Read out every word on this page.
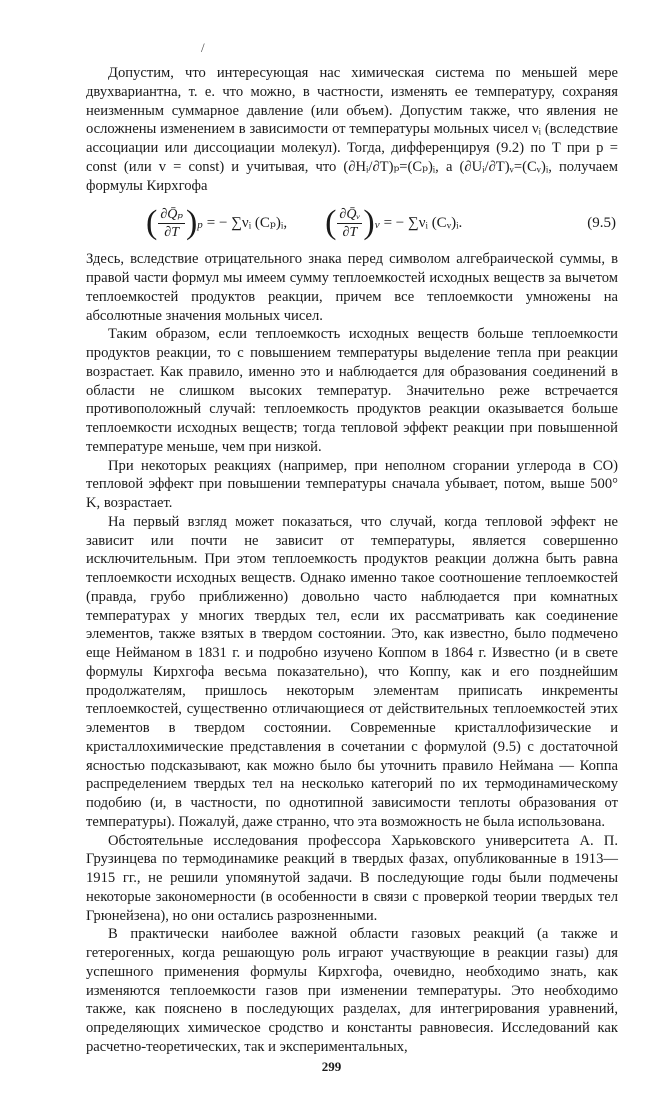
/

Допустим, что интересующая нас химическая система по меньшей мере двухвариантна, т. е. что можно, в частности, изменять ее температуру, сохраняя неизменным суммарное давление (или объем). Допустим также, что явления не осложнены изменением в зависимости от температуры мольных чисел νᵢ (вследствие ассоциации или диссоциации молекул). Тогда, дифференцируя (9.2) по T при p = const (или v = const) и учитывая, что (∂Hᵢ/∂T)ₚ=(Cₚ)ᵢ, а (∂Uᵢ/∂T)ᵥ=(Cᵥ)ᵢ, получаем формулы Кирхгофа

( $\frac{\text{∂Q̄ₚ}}{\partial T}$ ) p = − ∑νᵢ (Cₚ)ᵢ, ( $\frac{\text{∂Q̄ᵥ}}{\partial T}$ ) v = − ∑νᵢ (Cᵥ)ᵢ.	(9.5)

Здесь, вследствие отрицательного знака перед символом алгебраической суммы, в правой части формул мы имеем сумму теплоемкостей исходных веществ за вычетом теплоемкостей продуктов реакции, причем все теплоемкости умножены на абсолютные значения мольных чисел.

Таким образом, если теплоемкость исходных веществ больше теплоемкости продуктов реакции, то с повышением температуры выделение тепла при реакции возрастает. Как правило, именно это и наблюдается для образования соединений в области не слишком высоких температур. Значительно реже встречается противоположный случай: теплоемкость продуктов реакции оказывается больше теплоемкости исходных веществ; тогда тепловой эффект реакции при повышенной температуре меньше, чем при низкой.

При некоторых реакциях (например, при неполном сгорании углерода в CO) тепловой эффект при повышении температуры сначала убывает, потом, выше 500° K, возрастает.

На первый взгляд может показаться, что случай, когда тепловой эффект не зависит или почти не зависит от температуры, является совершенно исключительным. При этом теплоемкость продуктов реакции должна быть равна теплоемкости исходных веществ. Однако именно такое соотношение теплоемкостей (правда, грубо приближенно) довольно часто наблюдается при комнатных температурах у многих твердых тел, если их рассматривать как соединение элементов, также взятых в твердом состоянии. Это, как известно, было подмечено еще Нейманом в 1831 г. и подробно изучено Коппом в 1864 г. Известно (и в свете формулы Кирхгофа весьма показательно), что Коппу, как и его позднейшим продолжателям, пришлось некоторым элементам приписать инкременты теплоемкостей, существенно отличающиеся от действительных теплоемкостей этих элементов в твердом состоянии. Современные кристаллофизические и кристаллохимические представления в сочетании с формулой (9.5) с достаточной ясностью подсказывают, как можно было бы уточнить правило Неймана — Коппа распределением твердых тел на несколько категорий по их термодинамическому подобию (и, в частности, по однотипной зависимости теплоты образования от температуры). Пожалуй, даже странно, что эта возможность не была использована.

Обстоятельные исследования профессора Харьковского университета А. П. Грузинцева по термодинамике реакций в твердых фазах, опубликованные в 1913—1915 гг., не решили упомянутой задачи. В последующие годы были подмечены некоторые закономерности (в особенности в связи с проверкой теории твердых тел Грюнейзена), но они остались разрозненными.

В практически наиболее важной области газовых реакций (а также и гетерогенных, когда решающую роль играют участвующие в реакции газы) для успешного применения формулы Кирхгофа, очевидно, необходимо знать, как изменяются теплоемкости газов при изменении температуры. Это необходимо также, как пояснено в последующих разделах, для интегрирования уравнений, определяющих химическое сродство и константы равновесия. Исследований как расчетно-теоретических, так и экспериментальных,

299
